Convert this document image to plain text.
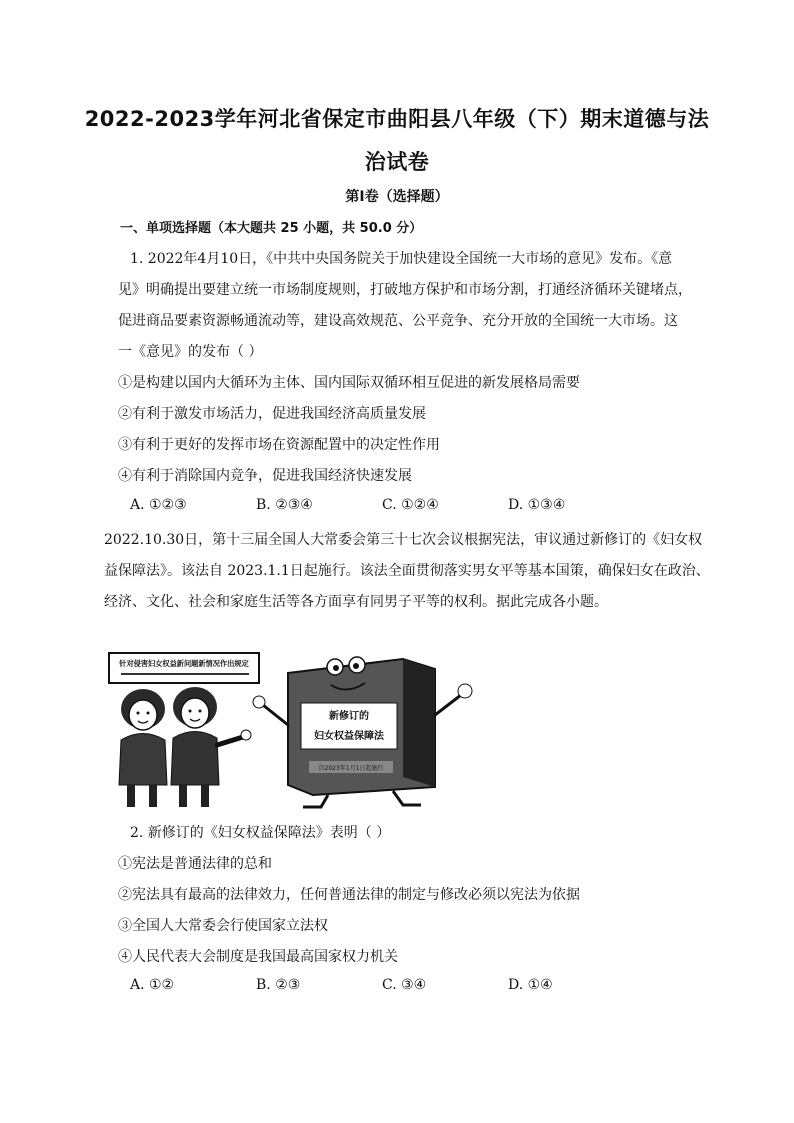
2022-2023学年河北省保定市曲阳县八年级（下）期末道德与法
治试卷
第I卷（选择题）
一、单项选择题（本大题共 25 小题，共 50.0 分）
1. 2022年4月10日，《中共中央国务院关于加快建设全国统一大市场的意见》发布。《意
见》明确提出要建立统一市场制度规则，打破地方保护和市场分割，打通经济循环关键堵点，
促进商品要素资源畅通流动等，建设高效规范、公平竞争、充分开放的全国统一大市场。这
一《意见》的发布（ ）
①是构建以国内大循环为主体、国内国际双循环相互促进的新发展格局需要
②有利于激发市场活力，促进我国经济高质量发展
③有利于更好的发挥市场在资源配置中的决定性作用
④有利于消除国内竞争，促进我国经济快速发展
A. ①②③	B. ②③④	C. ①②④	D. ①③④
2022.10.30日，第十三届全国人大常委会第三十七次会议根据宪法，审议通过新修订的《妇女权
益保障法》。该法自 2023.1.1日起施行。该法全面贯彻落实男女平等基本国策，确保妇女在政治、
经济、文化、社会和家庭生活等各方面享有同男子平等的权利。据此完成各小题。
针对侵害妇女权益新问题新情况作出规定
新修订的
妇女权益保障法
自2023年1月1日起施行
2. 新修订的《妇女权益保障法》表明（ ）
①宪法是普通法律的总和
②宪法具有最高的法律效力，任何普通法律的制定与修改必须以宪法为依据
③全国人大常委会行使国家立法权
④人民代表大会制度是我国最高国家权力机关
A. ①②	B. ②③	C. ③④	D. ①④
